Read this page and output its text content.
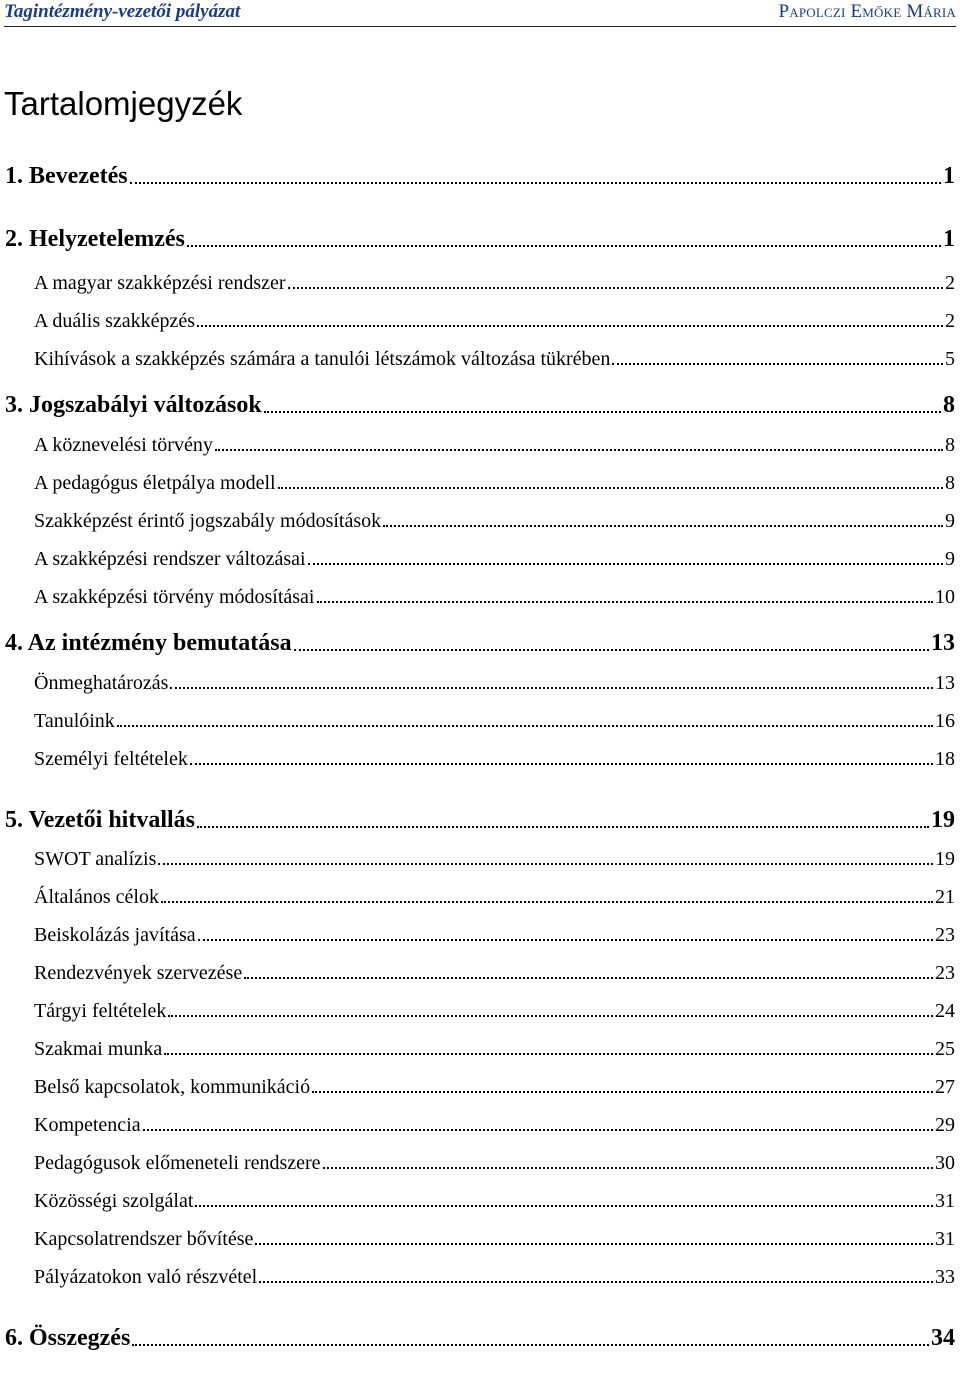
Tagintézmény-vezetői pályázat	Papolczi Emőke Mária
Tartalomjegyzék
1. Bevezetés	1
2. Helyzetelemzés	1
A magyar szakképzési rendszer	2
A duális szakképzés	2
Kihívások a szakképzés számára a tanulói létszámok változása tükrében	5
3. Jogszabályi változások	8
A köznevelési törvény	8
A pedagógus életpálya modell	8
Szakképzést érintő jogszabály módosítások	9
A szakképzési rendszer változásai	9
A szakképzési törvény módosításai	10
4. Az intézmény bemutatása	13
Önmeghatározás	13
Tanulóink	16
Személyi feltételek	18
5. Vezetői hitvallás	19
SWOT analízis	19
Általános célok	21
Beiskolázás javítása	23
Rendezvények szervezése	23
Tárgyi feltételek	24
Szakmai munka	25
Belső kapcsolatok, kommunikáció	27
Kompetencia	29
Pedagógusok előmeneteli rendszere	30
Közösségi szolgálat	31
Kapcsolatrendszer bővítése	31
Pályázatokon való részvétel	33
6. Összegzés	34
